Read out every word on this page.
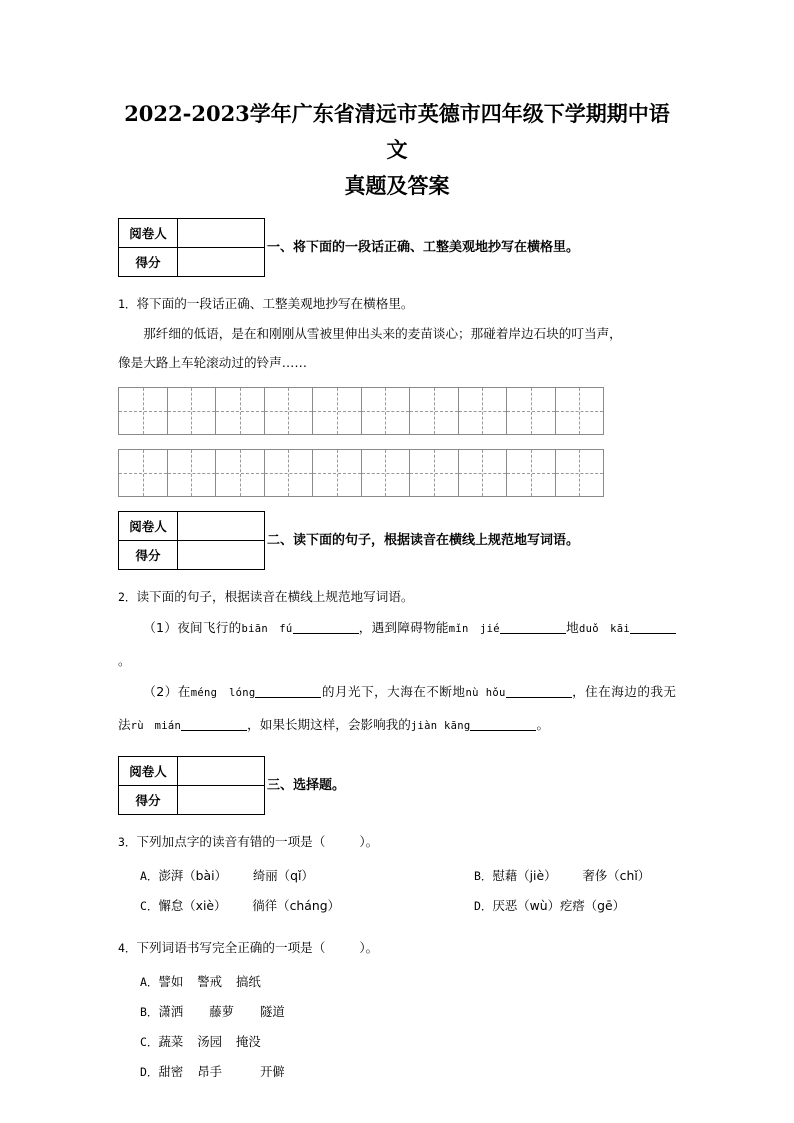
2022-2023学年广东省清远市英德市四年级下学期期中语文
真题及答案
阅卷人	
得分	
一、将下面的一段话正确、工整美观地抄写在横格里。

1．将下面的一段话正确、工整美观地抄写在横格里。

那纤细的低语，是在和刚刚从雪被里伸出头来的麦苗谈心；那碰着岸边石块的叮当声，

像是大路上车轮滚动过的铃声……

阅卷人	
得分	
二、读下面的句子，根据读音在横线上规范地写词语。

2．读下面的句子，根据读音在横线上规范地写词语。

（1）夜间飞行的biān　fú	，遇到障碍物能mǐn　jié	地duǒ　kāi。

（2）在méng　lóng	的月光下，大海在不断地nù hǒu	，住在海边的我无法rù　mián	，如果长期这样，会影响我的jiàn kāng	。

阅卷人	
得分	
三、选择题。

3．下列加点字的读音有错的一项是（	）。

A．澎湃（bài） 绮丽（qǐ）	B．慰藉（jiè） 奢侈（chǐ）
C．懈怠（xiè） 徜徉（cháng）	D．厌恶（wù）疙瘩（gē）

4．下列词语书写完全正确的一项是（	）。

A．譬如 警戒 搞纸
B．潇洒 藤萝 隧道
C．蔬菜 汤园 掩没
D．甜密 昂手	开僻
